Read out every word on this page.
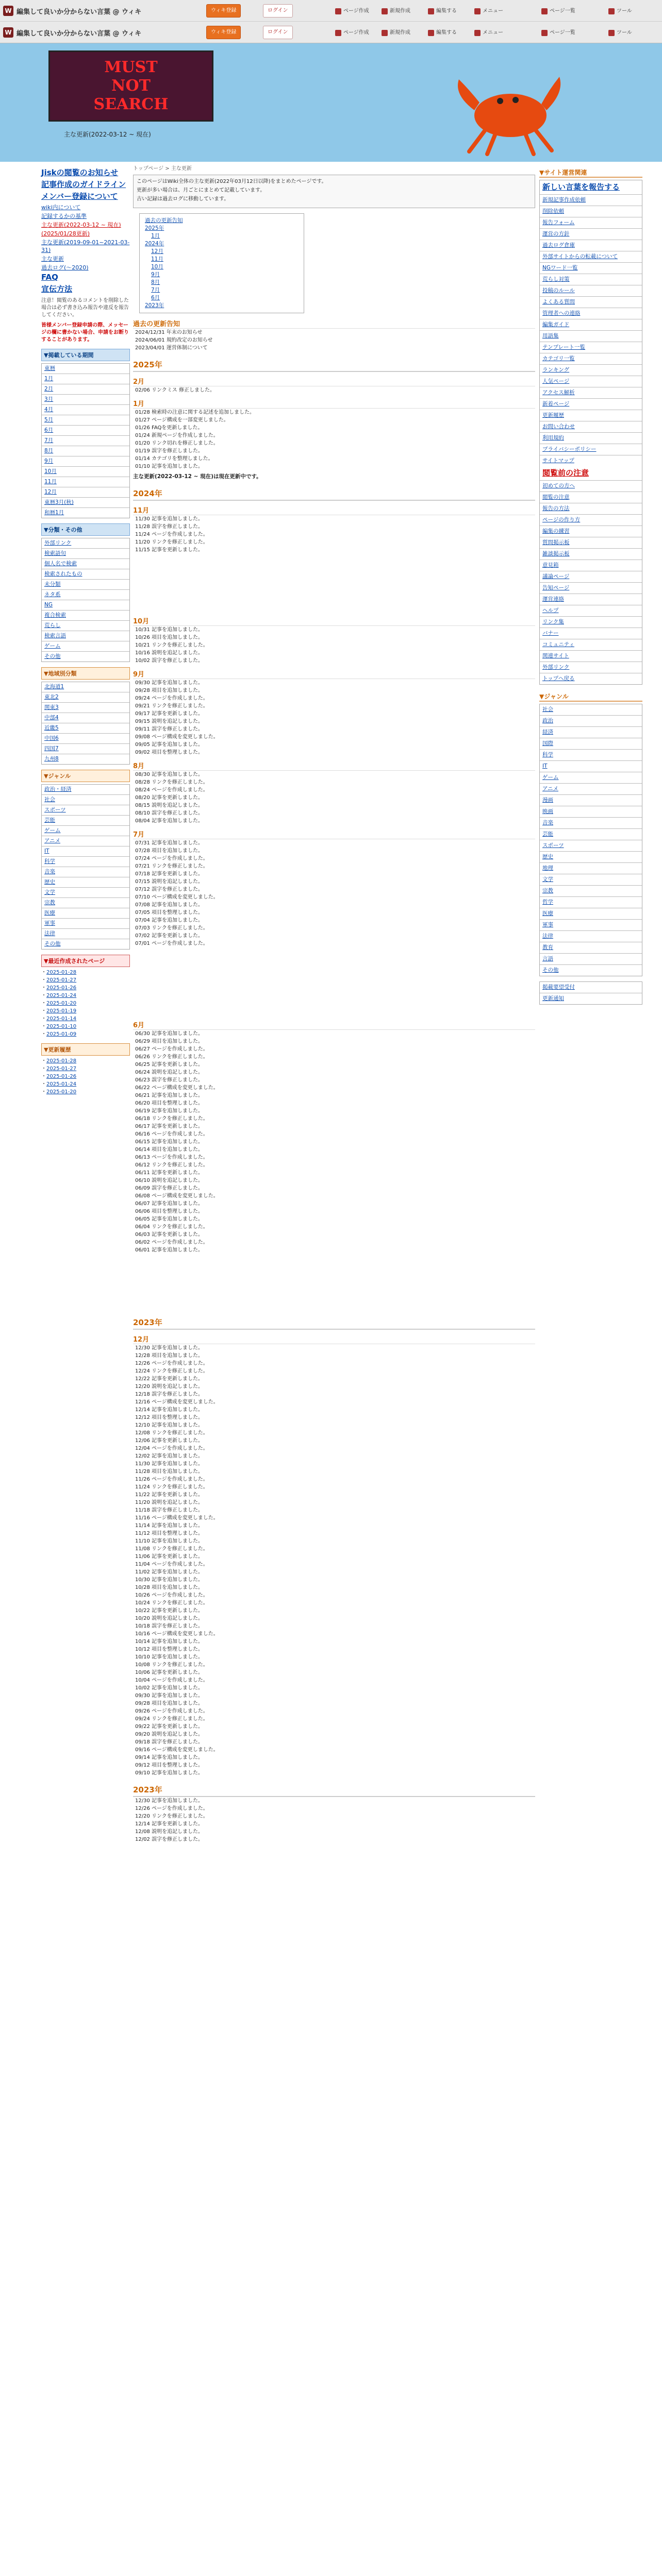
W 編集して良いか分からない言葉 @ ウィキ	ウィキ登録	ログイン	ページ作成	新規作成	編集する	メニュー	ページ一覧	ツール
W 編集して良いか分からない言葉 @ ウィキ	ウィキ登録	ログイン	ページ作成	新規作成	編集する	メニュー	ページ一覧	ツール
MUST
NOT
SEARCH
主な更新(2022-03-12 ~ 現在)
Jiskの閲覧のお知らせ
記事作成のガイドライン
メンバー登録について
wiki内について
記録するかの基準
主な更新(2022-03-12 ~ 現在)
(2025/01/28更新)
主な更新(2019-09-01~2021-03-31)
主な更新
過去ログ(〜2020)
FAQ
宣伝方法
注意！閲覧のあるコメントを削除した場合は必ず書き込み報告や違反を報告してください。
皆様メンバー登録申請の際、メッセージの欄に書かない場合、申請をお断りすることがあります。
▼掲載している期間
東暦
1月
2月
3月
4月
5月
6月
7月
8月
9月
10月
11月
12月
東暦3月(秋)
和暦1月
▼分類・その他
外部リンク
検索語句
個人名で検索
検索されたもの
未分類
ネタ系
NG
複合検索
荒らし
検索言語
ゲーム
その他
▼地域別分類
北海道1
東北2
関東3
中部4
近畿5
中国6
四国7
九州8
▼ジャンル
政治・経済
社会
スポーツ
芸能
ゲーム
アニメ
IT
科学
音楽
歴史
文学
宗教
医療
軍事
法律
その他
▼最近作成されたページ
・ 2025-01-28
・ 2025-01-27
・ 2025-01-26
・ 2025-01-24
・ 2025-01-20
・ 2025-01-19
・ 2025-01-14
・ 2025-01-10
・ 2025-01-09
▼更新履歴
・ 2025-01-28
・ 2025-01-27
・ 2025-01-26
・ 2025-01-24
・ 2025-01-20
トップページ > 主な更新

このページはWiki全体の主な更新(2022年03月12日以降)をまとめたページです。

更新が多い場合は、月ごとにまとめて記載しています。

古い記録は過去ログに移動しています。

過去の更新告知
2025年
1月
2024年
12月
11月
10月
9月
8月
7月
6月
2023年
過去の更新告知
2024/12/31 年末のお知らせ
2024/06/01 規約改定のお知らせ
2023/04/01 運営体制について
2025年
2月
02/06 リンクミス 修正しました。
1月
01/28 検索時の注意に関する記述を追加しました。
01/27 ページ構成を一部変更しました。
01/26 FAQを更新しました。
01/24 新規ページを作成しました。
01/20 リンク切れを修正しました。
01/19 誤字を修正しました。
01/14 カテゴリを整理しました。
01/10 記事を追加しました。

主な更新(2022-03-12 ~ 現在)は現在更新中です。

2024年
11月
11/30 記事を追加しました。
11/28 誤字を修正しました。
11/24 ページを作成しました。
11/20 リンクを修正しました。
11/15 記事を更新しました。
10月
10/31 記事を追加しました。
10/26 項目を追加しました。
10/21 リンクを修正しました。
10/16 説明を追記しました。
10/02 誤字を修正しました。
9月
09/30 記事を追加しました。
09/28 項目を追加しました。
09/24 ページを作成しました。
09/21 リンクを修正しました。
09/17 記事を更新しました。
09/15 説明を追記しました。
09/11 誤字を修正しました。
09/08 ページ構成を変更しました。
09/05 記事を追加しました。
09/02 項目を整理しました。
8月
08/30 記事を追加しました。
08/28 リンクを修正しました。
08/24 ページを作成しました。
08/20 記事を更新しました。
08/15 説明を追記しました。
08/10 誤字を修正しました。
08/04 記事を追加しました。
7月
07/31 記事を追加しました。
07/28 項目を追加しました。
07/24 ページを作成しました。
07/21 リンクを修正しました。
07/18 記事を更新しました。
07/15 説明を追記しました。
07/12 誤字を修正しました。
07/10 ページ構成を変更しました。
07/08 記事を追加しました。
07/05 項目を整理しました。
07/04 記事を追加しました。
07/03 リンクを修正しました。
07/02 記事を更新しました。
07/01 ページを作成しました。
6月
06/30 記事を追加しました。
06/29 項目を追加しました。
06/27 ページを作成しました。
06/26 リンクを修正しました。
06/25 記事を更新しました。
06/24 説明を追記しました。
06/23 誤字を修正しました。
06/22 ページ構成を変更しました。
06/21 記事を追加しました。
06/20 項目を整理しました。
06/19 記事を追加しました。
06/18 リンクを修正しました。
06/17 記事を更新しました。
06/16 ページを作成しました。
06/15 記事を追加しました。
06/14 項目を追加しました。
06/13 ページを作成しました。
06/12 リンクを修正しました。
06/11 記事を更新しました。
06/10 説明を追記しました。
06/09 誤字を修正しました。
06/08 ページ構成を変更しました。
06/07 記事を追加しました。
06/06 項目を整理しました。
06/05 記事を追加しました。
06/04 リンクを修正しました。
06/03 記事を更新しました。
06/02 ページを作成しました。
06/01 記事を追加しました。
2023年
12月
12/30 記事を追加しました。
12/28 項目を追加しました。
12/26 ページを作成しました。
12/24 リンクを修正しました。
12/22 記事を更新しました。
12/20 説明を追記しました。
12/18 誤字を修正しました。
12/16 ページ構成を変更しました。
12/14 記事を追加しました。
12/12 項目を整理しました。
12/10 記事を追加しました。
12/08 リンクを修正しました。
12/06 記事を更新しました。
12/04 ページを作成しました。
12/02 記事を追加しました。
11/30 記事を追加しました。
11/28 項目を追加しました。
11/26 ページを作成しました。
11/24 リンクを修正しました。
11/22 記事を更新しました。
11/20 説明を追記しました。
11/18 誤字を修正しました。
11/16 ページ構成を変更しました。
11/14 記事を追加しました。
11/12 項目を整理しました。
11/10 記事を追加しました。
11/08 リンクを修正しました。
11/06 記事を更新しました。
11/04 ページを作成しました。
11/02 記事を追加しました。
10/30 記事を追加しました。
10/28 項目を追加しました。
10/26 ページを作成しました。
10/24 リンクを修正しました。
10/22 記事を更新しました。
10/20 説明を追記しました。
10/18 誤字を修正しました。
10/16 ページ構成を変更しました。
10/14 記事を追加しました。
10/12 項目を整理しました。
10/10 記事を追加しました。
10/08 リンクを修正しました。
10/06 記事を更新しました。
10/04 ページを作成しました。
10/02 記事を追加しました。
09/30 記事を追加しました。
09/28 項目を追加しました。
09/26 ページを作成しました。
09/24 リンクを修正しました。
09/22 記事を更新しました。
09/20 説明を追記しました。
09/18 誤字を修正しました。
09/16 ページ構成を変更しました。
09/14 記事を追加しました。
09/12 項目を整理しました。
09/10 記事を追加しました。
2023年
12/30 記事を追加しました。
12/26 ページを作成しました。
12/20 リンクを修正しました。
12/14 記事を更新しました。
12/08 説明を追記しました。
12/02 誤字を修正しました。
▼サイト運営関連
新しい言葉を報告する
新規記事作成依頼
削除依頼
報告フォーム
運営の方針
過去ログ倉庫
外部サイトからの転載について
NGワード一覧
荒らし対策
投稿のルール
よくある質問
管理者への連絡
編集ガイド
用語集
テンプレート一覧
カテゴリ一覧
ランキング
人気ページ
アクセス解析
新着ページ
更新履歴
お問い合わせ
利用規約
プライバシーポリシー
サイトマップ
閲覧前の注意
初めての方へ
閲覧の注意
報告の方法
ページの作り方
編集の練習
質問掲示板
雑談掲示板
意見箱
議論ページ
告知ページ
運営連絡
ヘルプ
リンク集
バナー
コミュニティ
関連サイト
外部リンク
トップへ戻る
▼ジャンル
社会
政治
経済
国際
科学
IT
ゲーム
アニメ
漫画
映画
音楽
芸能
スポーツ
歴史
地理
文学
宗教
哲学
医療
軍事
法律
教育
言語
その他
掲載要望受付
更新通知
